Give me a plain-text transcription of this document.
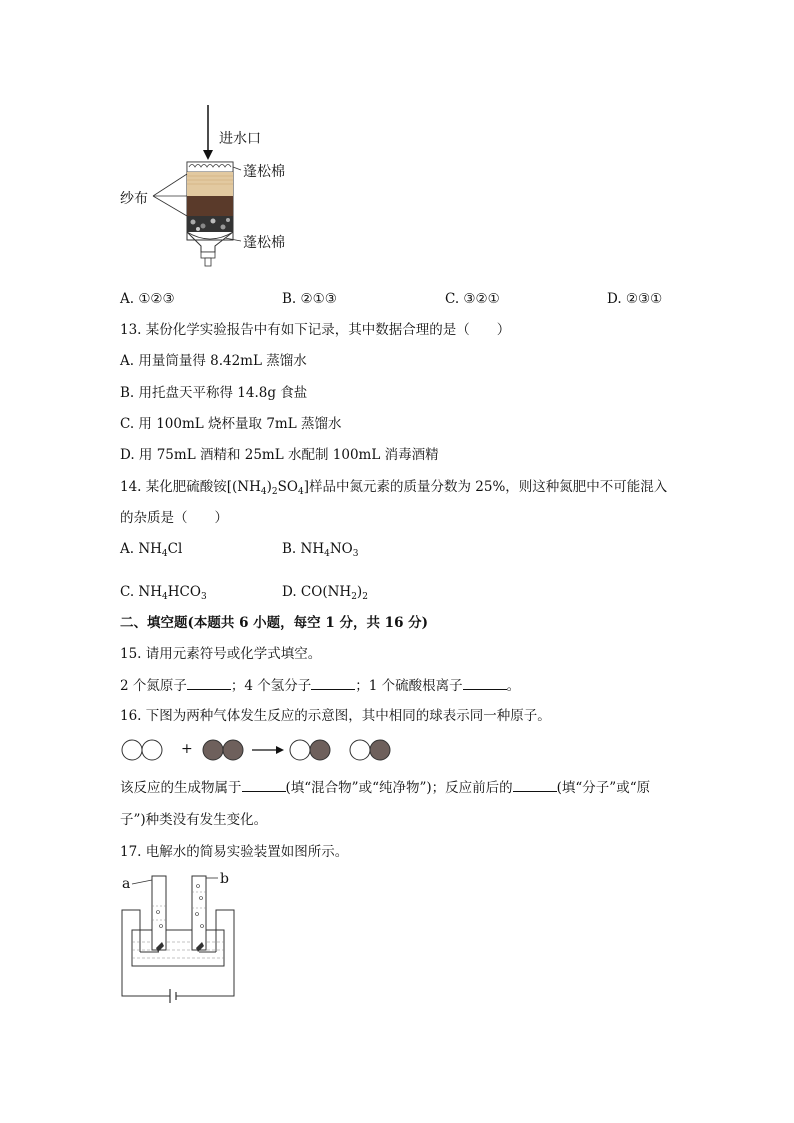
进水口
蓬松棉
纱布
蓬松棉
A. ①②③	B. ②①③	C. ③②①	D. ②③①
13. 某份化学实验报告中有如下记录，其中数据合理的是（　　）
A. 用量筒量得 8.42mL 蒸馏水
B. 用托盘天平称得 14.8g 食盐
C. 用 100mL 烧杯量取 7mL 蒸馏水
D. 用 75mL 酒精和 25mL 水配制 100mL 消毒酒精
14. 某化肥硫酸铵$[(NH_4)_2SO_4]$样品中氮元素的质量分数为 25%，则这种氮肥中不可能混入
的杂质是（　　）
A. $NH_4Cl$	B. $NH_4NO_3$
C. $NH_4HCO_3$	D. $CO(NH_2)_2$
二、填空题(本题共 6 小题，每空 1 分，共 16 分)
15. 请用元素符号或化学式填空。
2 个氮原子	；4 个氢分子	；1 个硫酸根离子	。
16. 下图为两种气体发生反应的示意图，其中相同的球表示同一种原子。
+
该反应的生成物属于	(填“混合物”或“纯净物”)；反应前后的	(填“分子”或“原
子”)种类没有发生变化。
17. 电解水的简易实验装置如图所示。
a	b
